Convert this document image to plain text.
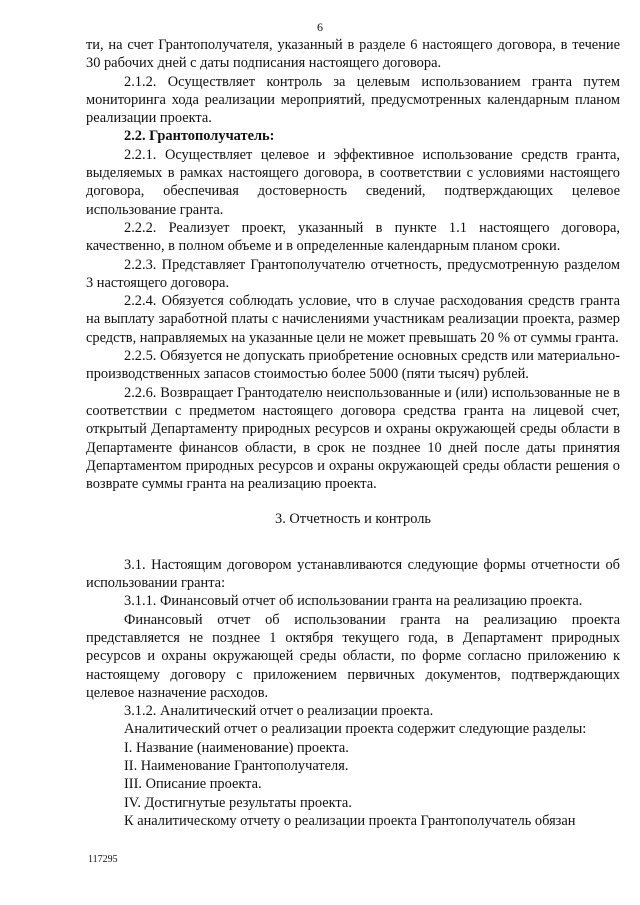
6

ти, на счет Грантополучателя, указанный в разделе 6 настоящего договора, в течение 30 рабочих дней с даты подписания настоящего договора.

2.1.2. Осуществляет контроль за целевым использованием гранта путем мониторинга хода реализации мероприятий, предусмотренных календарным планом реализации проекта.

2.2. Грантополучатель:

2.2.1. Осуществляет целевое и эффективное использование средств гранта, выделяемых в рамках настоящего договора, в соответствии с условиями настоящего договора, обеспечивая достоверность сведений, подтверждающих целевое использование гранта.

2.2.2. Реализует проект, указанный в пункте 1.1 настоящего договора, качественно, в полном объеме и в определенные календарным планом сроки.

2.2.3. Представляет Грантополучателю отчетность, предусмотренную разделом 3 настоящего договора.

2.2.4. Обязуется соблюдать условие, что в случае расходования средств гранта на выплату заработной платы с начислениями участникам реализации проекта, размер средств, направляемых на указанные цели не может превышать 20 % от суммы гранта.

2.2.5. Обязуется не допускать приобретение основных средств или материально-производственных запасов стоимостью более 5000 (пяти тысяч) рублей.

2.2.6. Возвращает Грантодателю неиспользованные и (или) использованные не в соответствии с предметом настоящего договора средства гранта на лицевой счет, открытый Департаменту природных ресурсов и охраны окружающей среды области в Департаменте финансов области, в срок не позднее 10 дней после даты принятия Департаментом природных ресурсов и охраны окружающей среды области решения о возврате суммы гранта на реализацию проекта.

3. Отчетность и контроль

3.1. Настоящим договором устанавливаются следующие формы отчетности об использовании гранта:

3.1.1. Финансовый отчет об использовании гранта на реализацию проекта.

Финансовый отчет об использовании гранта на реализацию проекта представляется не позднее 1 октября текущего года, в Департамент природных ресурсов и охраны окружающей среды области, по форме согласно приложению к настоящему договору с приложением первичных документов, подтверждающих целевое назначение расходов.

3.1.2. Аналитический отчет о реализации проекта.

Аналитический отчет о реализации проекта содержит следующие разделы:

I. Название (наименование) проекта.

II. Наименование Грантополучателя.

III. Описание проекта.

IV. Достигнутые результаты проекта.

К аналитическому отчету о реализации проекта Грантополучатель обязан

117295
